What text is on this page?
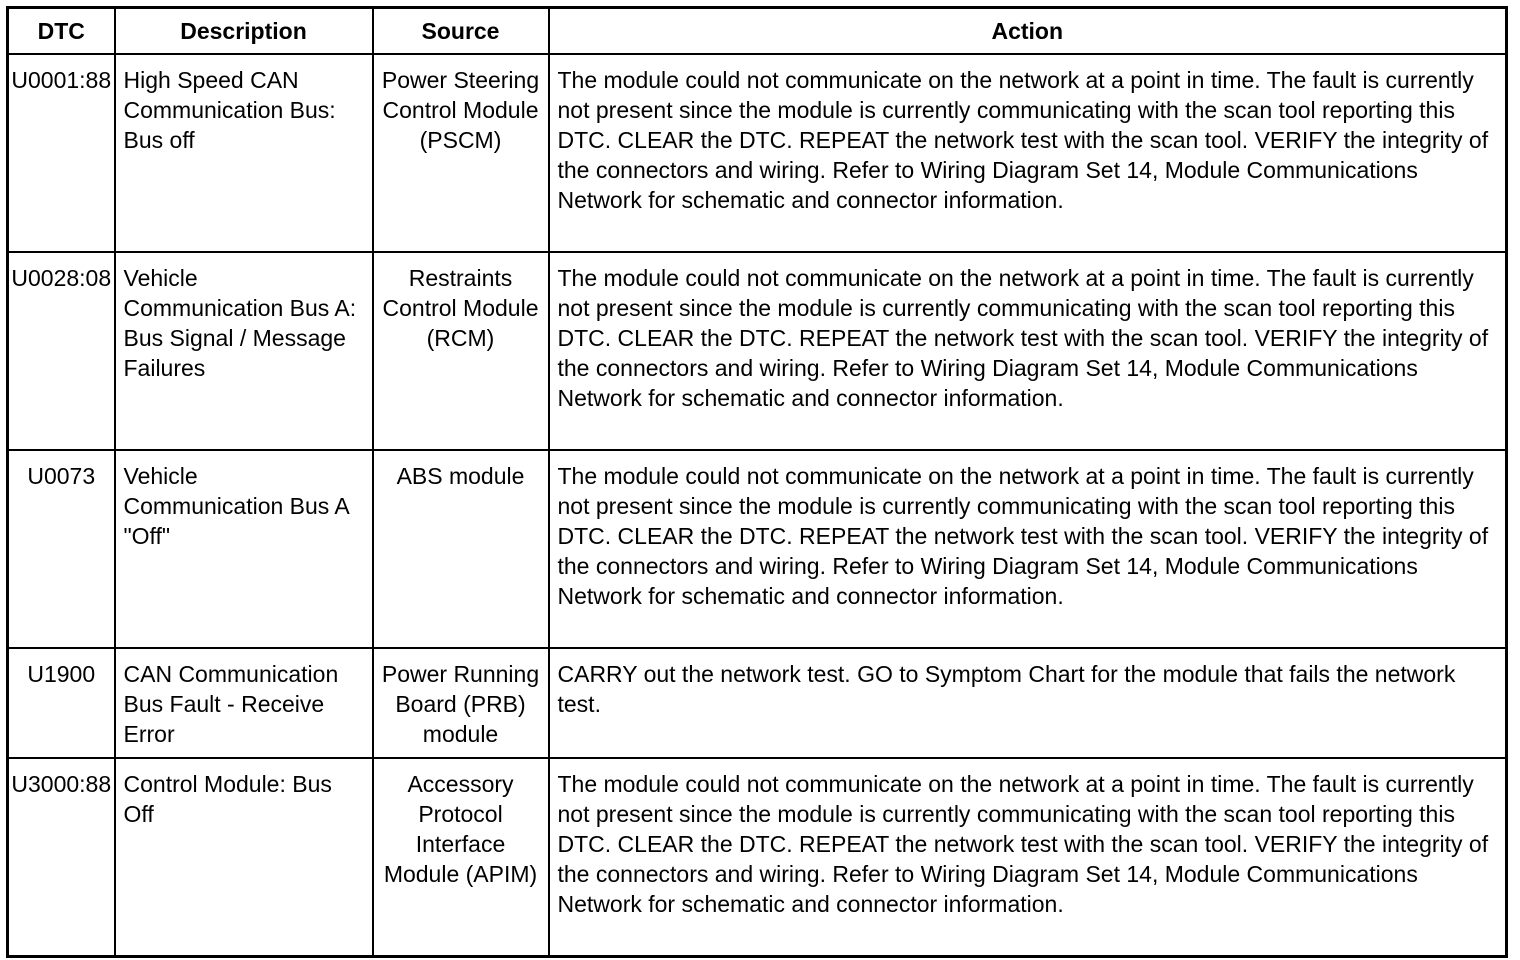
DTC	Description	Source	Action
U0001:88	High Speed CAN Communication Bus: Bus off	Power Steering Control Module (PSCM)	The module could not communicate on the network at a point in time. The fault is currently not present since the module is currently communicating with the scan tool reporting this DTC. CLEAR the DTC. REPEAT the network test with the scan tool. VERIFY the integrity of the connectors and wiring. Refer to Wiring Diagram Set 14, Module Communications Network for schematic and connector information.
U0028:08	Vehicle Communication Bus A: Bus Signal / Message Failures	Restraints Control Module (RCM)	The module could not communicate on the network at a point in time. The fault is currently not present since the module is currently communicating with the scan tool reporting this DTC. CLEAR the DTC. REPEAT the network test with the scan tool. VERIFY the integrity of the connectors and wiring. Refer to Wiring Diagram Set 14, Module Communications Network for schematic and connector information.
U0073	Vehicle Communication Bus A "Off"	ABS module	The module could not communicate on the network at a point in time. The fault is currently not present since the module is currently communicating with the scan tool reporting this DTC. CLEAR the DTC. REPEAT the network test with the scan tool. VERIFY the integrity of the connectors and wiring. Refer to Wiring Diagram Set 14, Module Communications Network for schematic and connector information.
U1900	CAN Communication Bus Fault - Receive Error	Power Running Board (PRB) module	CARRY out the network test. GO to Symptom Chart for the module that fails the network test.
U3000:88	Control Module: Bus Off	Accessory Protocol Interface Module (APIM)	The module could not communicate on the network at a point in time. The fault is currently not present since the module is currently communicating with the scan tool reporting this DTC. CLEAR the DTC. REPEAT the network test with the scan tool. VERIFY the integrity of the connectors and wiring. Refer to Wiring Diagram Set 14, Module Communications Network for schematic and connector information.
